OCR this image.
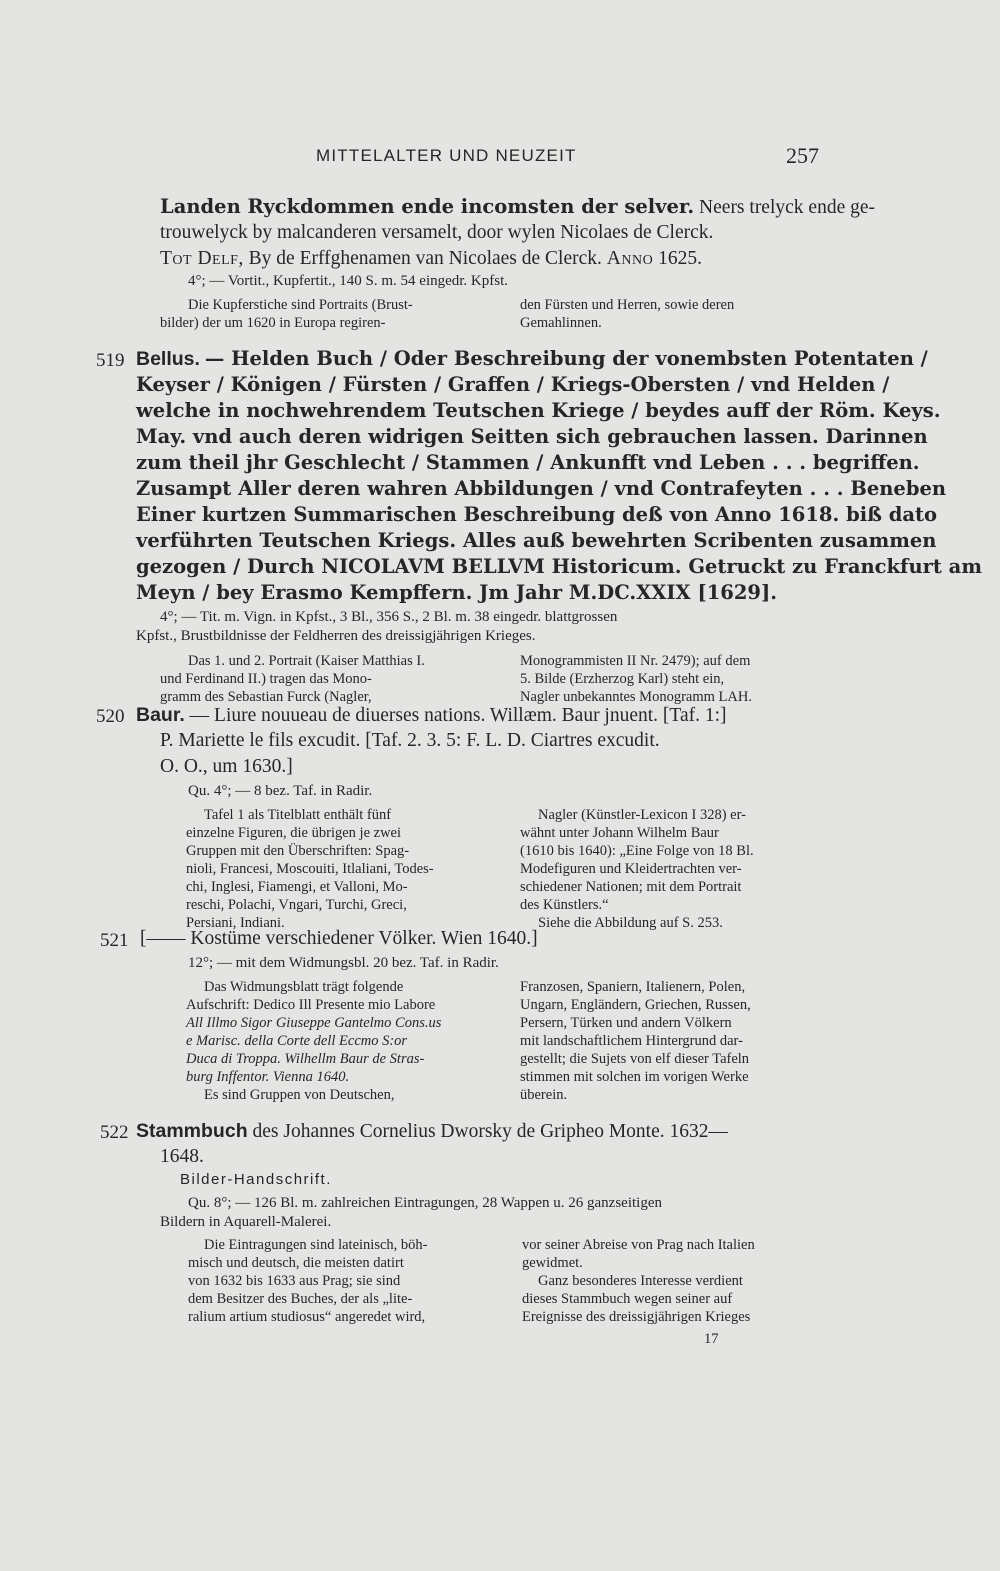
MITTELALTER UND NEUZEIT	257
Landen Ryckdommen ende incomsten der selver. Neers trelyck ende ge-
trouwelyck by malcanderen versamelt, door wylen Nicolaes de Clerck.
Tot Delf, By de Erffghenamen van Nicolaes de Clerck. Anno 1625.
4°; — Vortit., Kupfertit., 140 S. m. 54 eingedr. Kpfst.
Die Kupferstiche sind Portraits (Brust-
bilder) der um 1620 in Europa regiren-
den Fürsten und Herren, sowie deren
Gemahlinnen.
519 Bellus. — Helden Buch / Oder Beschreibung der vonembsten Potentaten /
Keyser / Königen / Fürsten / Graffen / Kriegs-Obersten / vnd Helden /
welche in nochwehrendem Teutschen Kriege / beydes auff der Röm. Keys.
May. vnd auch deren widrigen Seitten sich gebrauchen lassen. Darinnen
zum theil jhr Geschlecht / Stammen / Ankunfft vnd Leben . . . begriffen.
Zusampt Aller deren wahren Abbildungen / vnd Contrafeyten . . . Beneben
Einer kurtzen Summarischen Beschreibung deß von Anno 1618. biß dato
verführten Teutschen Kriegs. Alles auß bewehrten Scribenten zusammen
gezogen / Durch NICOLAVM BELLVM Historicum. Getruckt zu Franckfurt am
Meyn / bey Erasmo Kempffern. Jm Jahr M.DC.XXIX [1629].
4°; — Tit. m. Vign. in Kpfst., 3 Bl., 356 S., 2 Bl. m. 38 eingedr. blattgrossen
Kpfst., Brustbildnisse der Feldherren des dreissigjährigen Krieges.
Das 1. und 2. Portrait (Kaiser Matthias I.
und Ferdinand II.) tragen das Mono-
gramm des Sebastian Furck (Nagler,
Monogrammisten II Nr. 2479); auf dem
5. Bilde (Erzherzog Karl) steht ein,
Nagler unbekanntes Monogramm LAH.
520 Baur. — Liure nouueau de diuerses nations. Willæm. Baur jnuent. [Taf. 1:]
P. Mariette le fils excudit. [Taf. 2. 3. 5: F. L. D. Ciartres excudit.
O. O., um 1630.]
Qu. 4°; — 8 bez. Taf. in Radir.
Tafel 1 als Titelblatt enthält fünf
einzelne Figuren, die übrigen je zwei
Gruppen mit den Überschriften: Spag-
nioli, Francesi, Moscouiti, Itlaliani, Todes-
chi, Inglesi, Fiamengi, et Valloni, Mo-
reschi, Polachi, Vngari, Turchi, Greci,
Persiani, Indiani.
Nagler (Künstler-Lexicon I 328) er-
wähnt unter Johann Wilhelm Baur
(1610 bis 1640): „Eine Folge von 18 Bl.
Modefiguren und Kleidertrachten ver-
schiedener Nationen; mit dem Portrait
des Künstlers.“
Siehe die Abbildung auf S. 253.
521 [—— Kostüme verschiedener Völker. Wien 1640.]
12°; — mit dem Widmungsbl. 20 bez. Taf. in Radir.
Das Widmungsblatt trägt folgende
Aufschrift: Dedico Ill Presente mio Labore
All Illmo Sigor Giuseppe Gantelmo Cons.us
e Marisc. della Corte dell Eccmo S:or
Duca di Troppa. Wilhellm Baur de Stras-
burg Inffentor. Vienna 1640.
Es sind Gruppen von Deutschen,
Franzosen, Spaniern, Italienern, Polen,
Ungarn, Engländern, Griechen, Russen,
Persern, Türken und andern Völkern
mit landschaftlichem Hintergrund dar-
gestellt; die Sujets von elf dieser Tafeln
stimmen mit solchen im vorigen Werke
überein.
522 Stammbuch des Johannes Cornelius Dworsky de Gripheo Monte. 1632—
1648.
Bilder-Handschrift.
Qu. 8°; — 126 Bl. m. zahlreichen Eintragungen, 28 Wappen u. 26 ganzseitigen
Bildern in Aquarell-Malerei.
Die Eintragungen sind lateinisch, böh-
misch und deutsch, die meisten datirt
von 1632 bis 1633 aus Prag; sie sind
dem Besitzer des Buches, der als „lite-
ralium artium studiosus“ angeredet wird,
vor seiner Abreise von Prag nach Italien
gewidmet.
Ganz besonderes Interesse verdient
dieses Stammbuch wegen seiner auf
Ereignisse des dreissigjährigen Krieges
17
